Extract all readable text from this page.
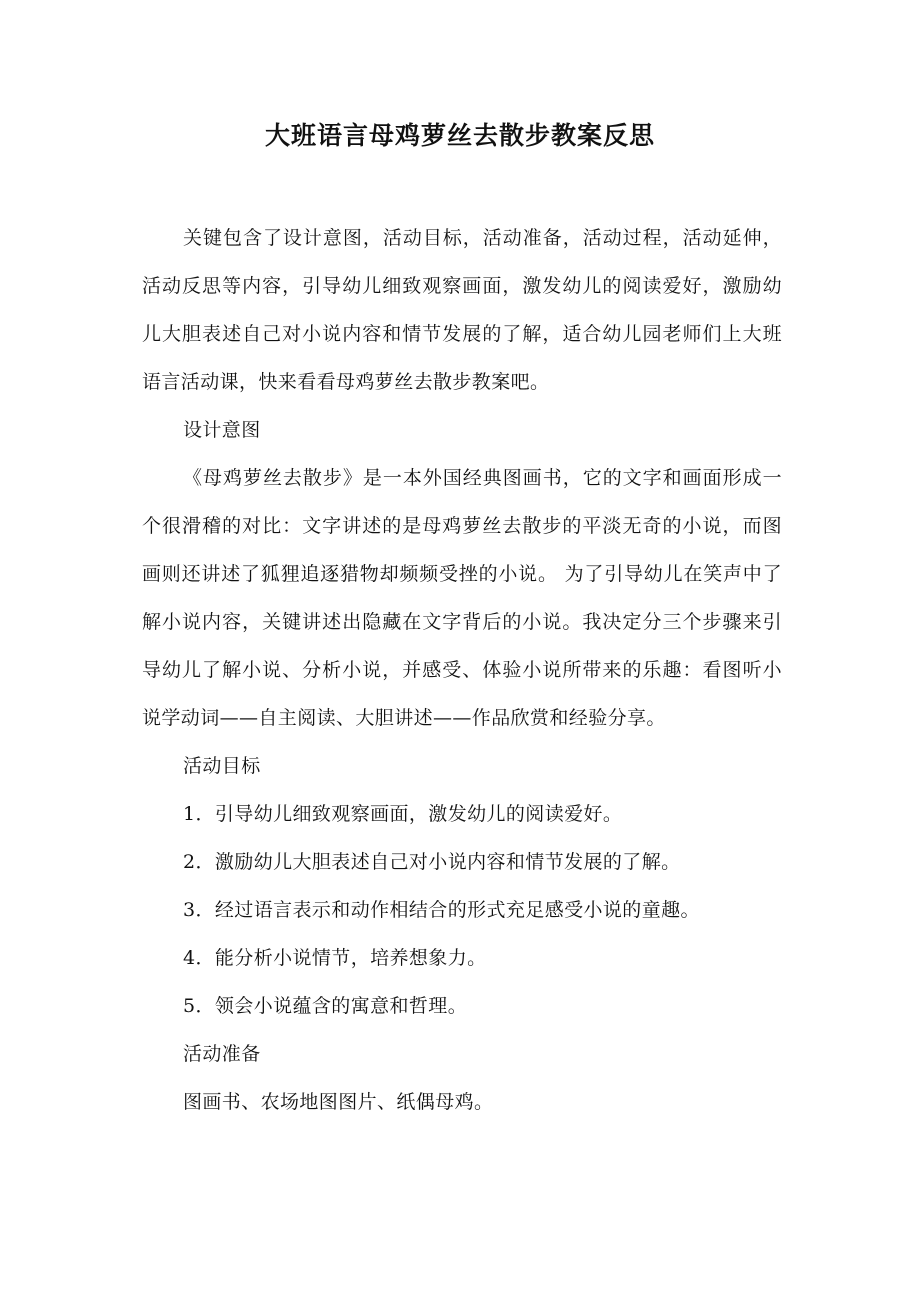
大班语言母鸡萝丝去散步教案反思

关键包含了设计意图，活动目标，活动准备，活动过程，活动延伸，活动反思等内容，引导幼儿细致观察画面，激发幼儿的阅读爱好，激励幼儿大胆表述自己对小说内容和情节发展的了解，适合幼儿园老师们上大班语言活动课，快来看看母鸡萝丝去散步教案吧。

设计意图

《母鸡萝丝去散步》是一本外国经典图画书，它的文字和画面形成一个很滑稽的对比：文字讲述的是母鸡萝丝去散步的平淡无奇的小说，而图画则还讲述了狐狸追逐猎物却频频受挫的小说。 为了引导幼儿在笑声中了解小说内容，关键讲述出隐藏在文字背后的小说。我决定分三个步骤来引导幼儿了解小说、分析小说，并感受、体验小说所带来的乐趣：看图听小说学动词——自主阅读、大胆讲述——作品欣赏和经验分享。

活动目标

1．引导幼儿细致观察画面，激发幼儿的阅读爱好。

2．激励幼儿大胆表述自己对小说内容和情节发展的了解。

3．经过语言表示和动作相结合的形式充足感受小说的童趣。

4．能分析小说情节，培养想象力。

5．领会小说蕴含的寓意和哲理。

活动准备

图画书、农场地图图片、纸偶母鸡。
